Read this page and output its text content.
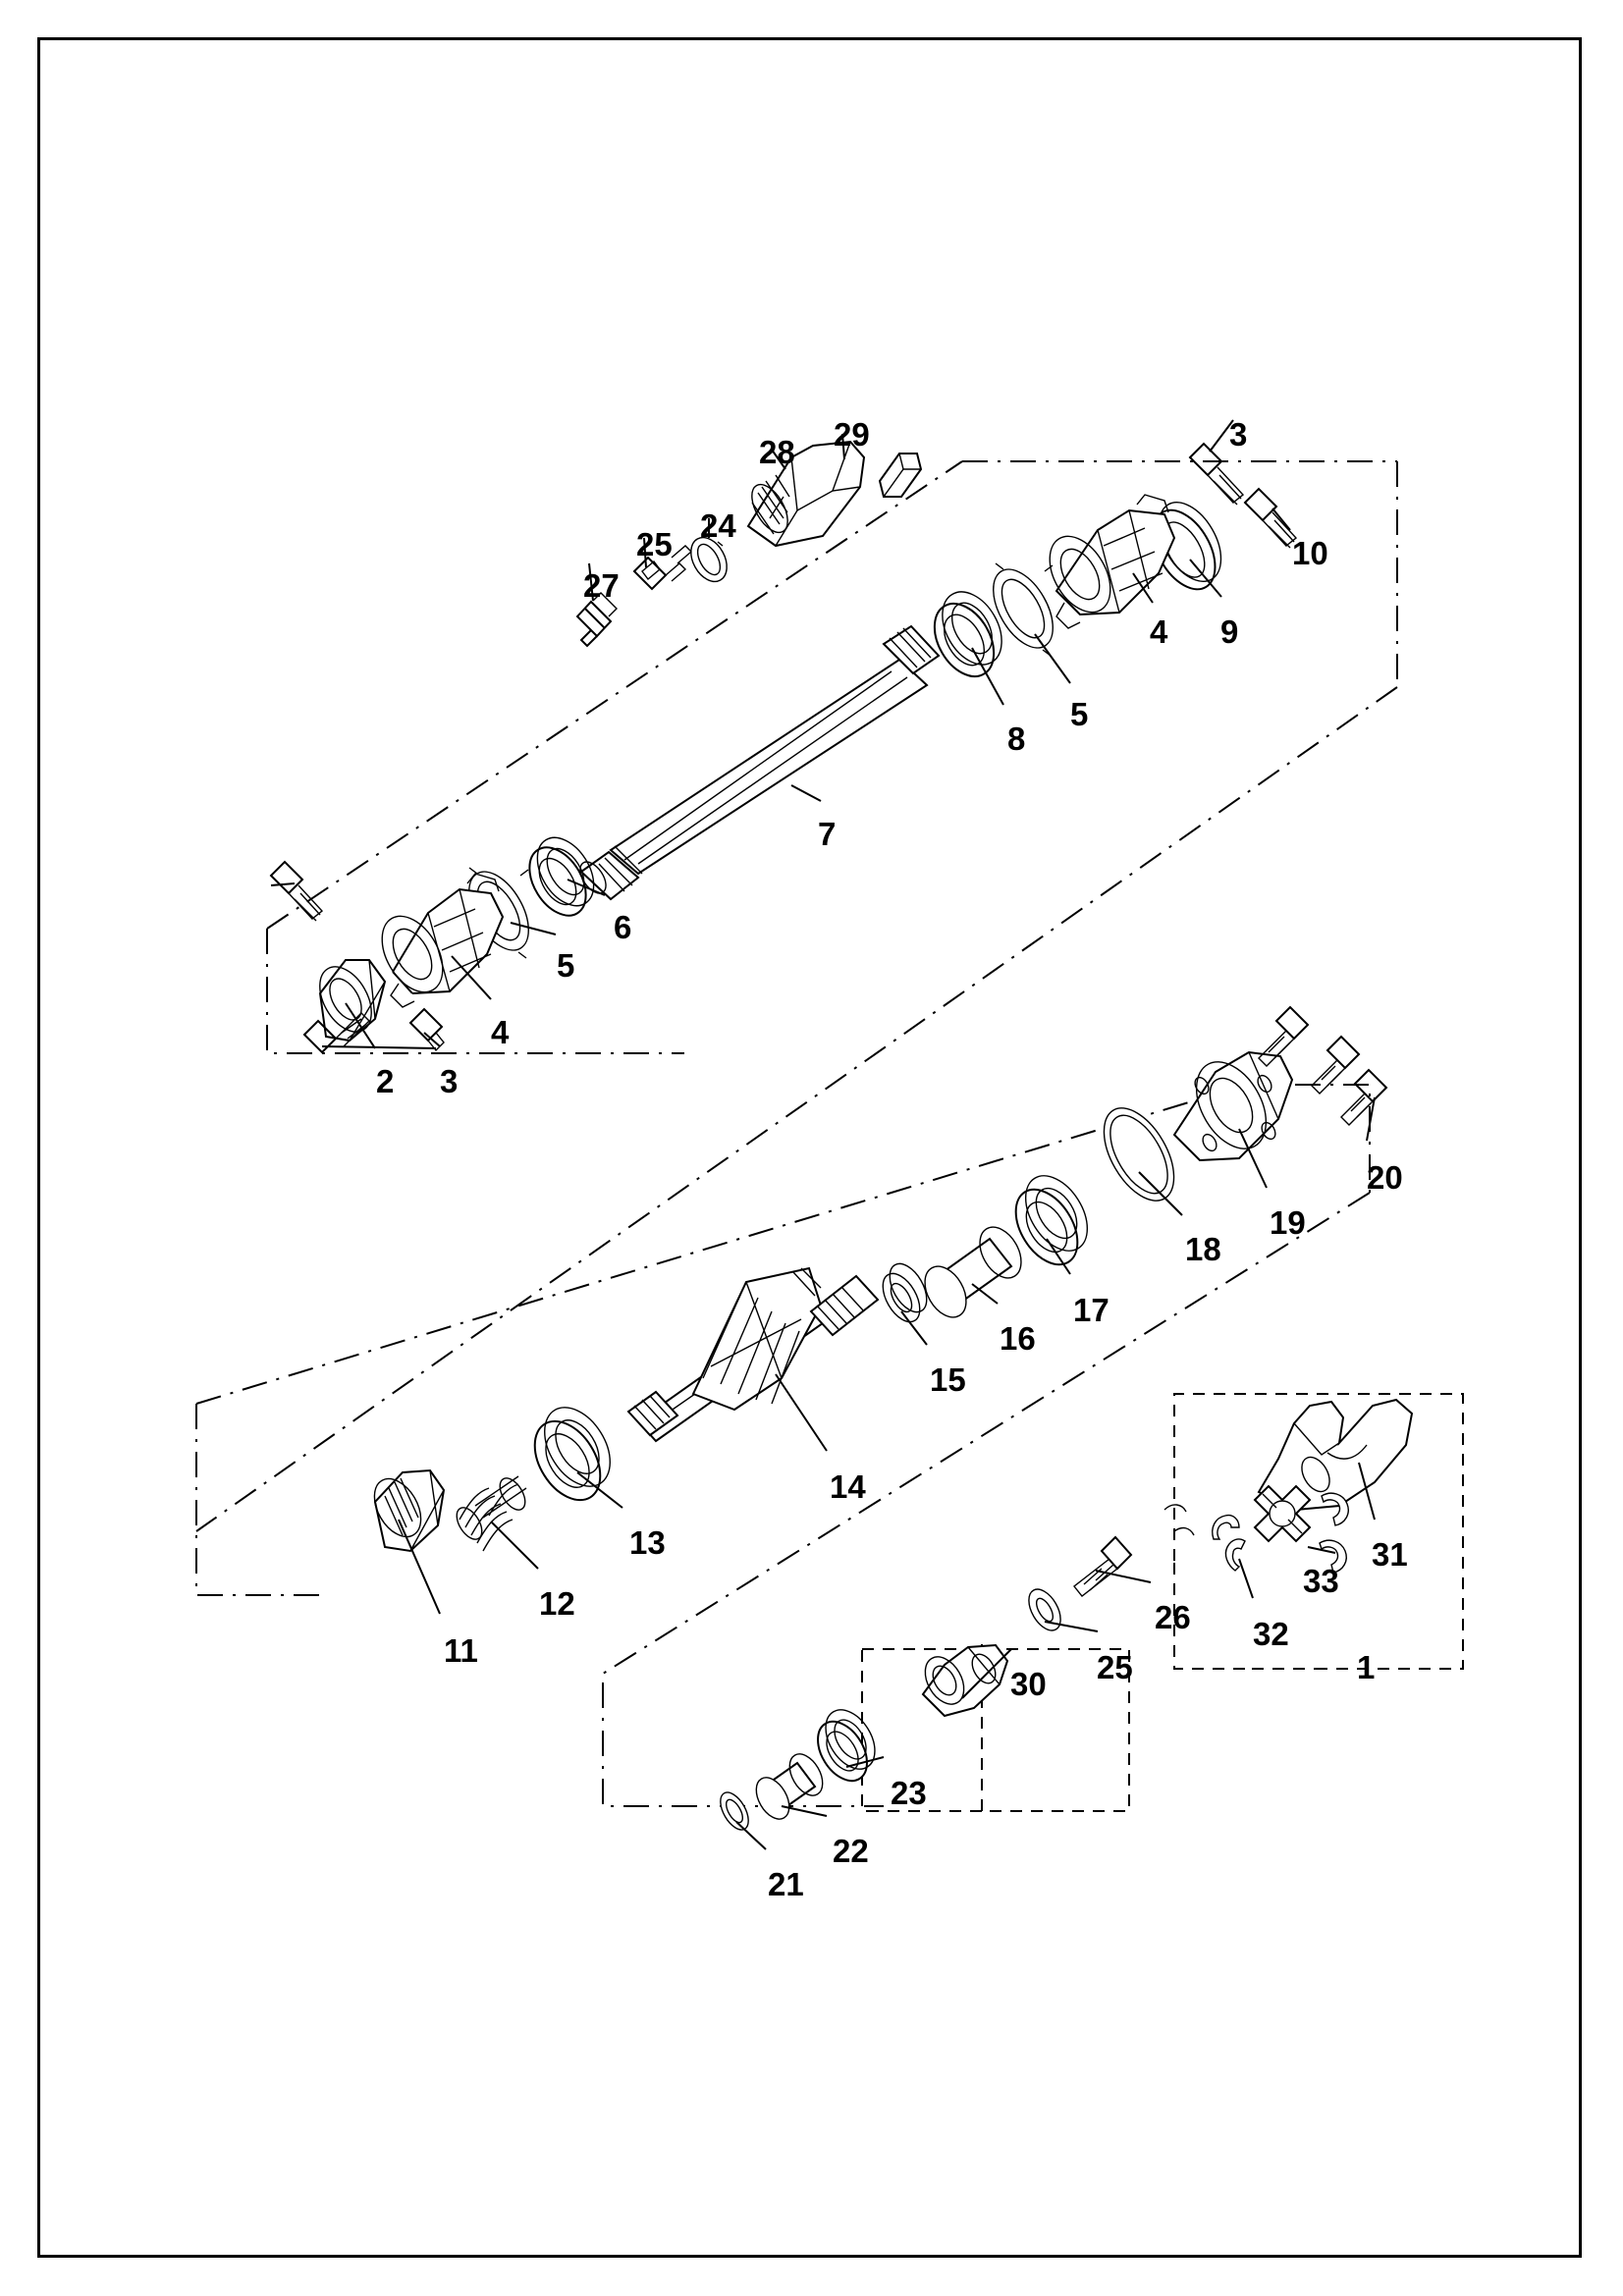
27
25
24
28 29	3
10
9
4
5
8
7
6
5
4
2 3
11
12
13
14
15
16
17
18
19
20
21
22
23
30 25
26
31
33
32
1
